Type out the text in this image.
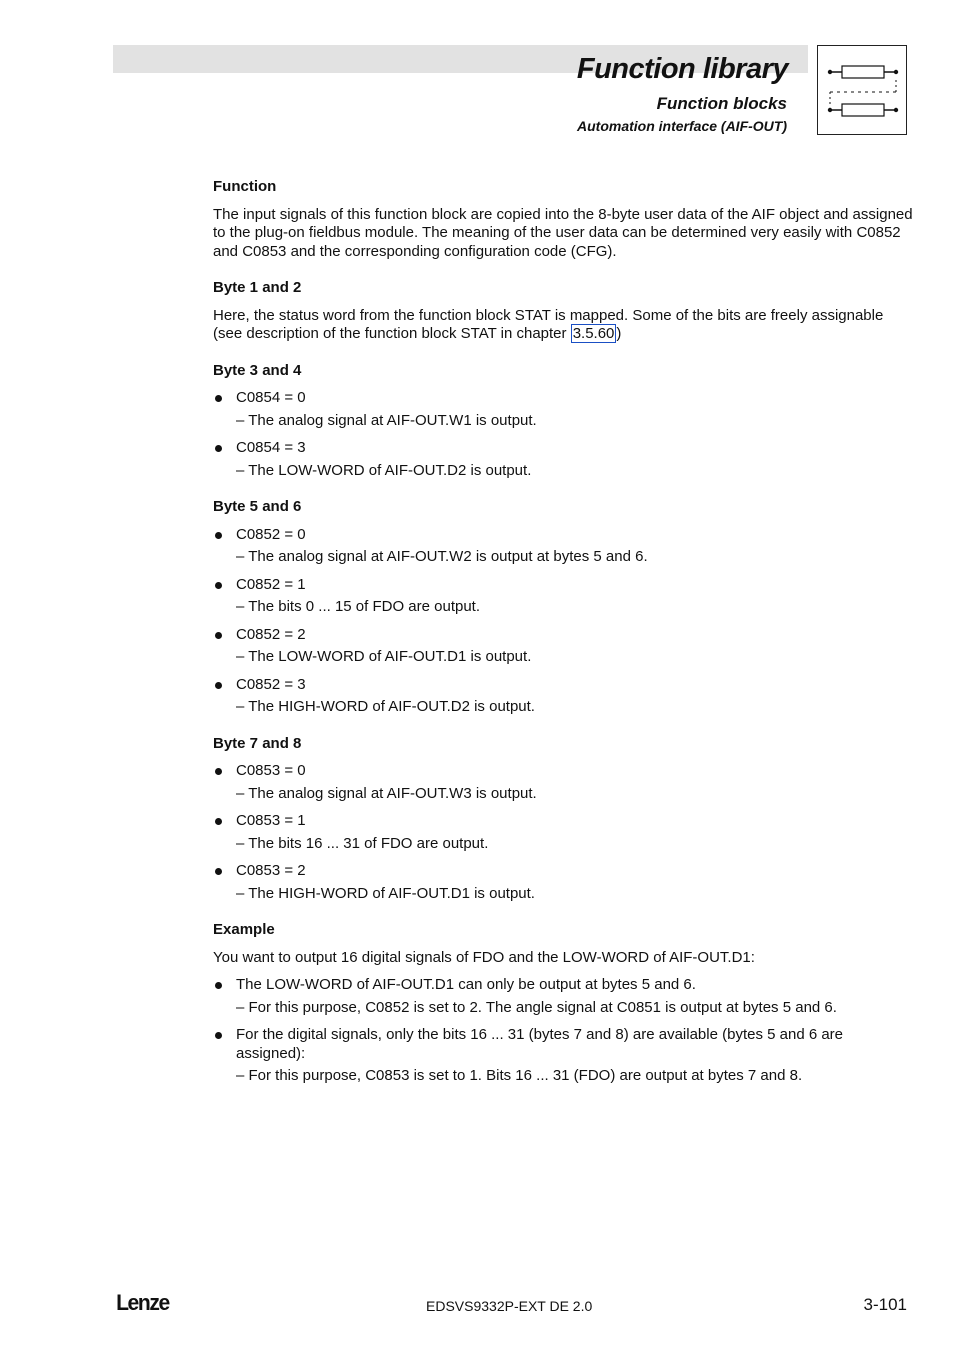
Function library
Function blocks
Automation interface (AIF-OUT)
Function

The input signals of this function block are copied into the 8-byte user data of the AIF object and assigned to the plug-on fieldbus module. The meaning of the user data can be determined very easily with C0852 and C0853 and the corresponding configuration code (CFG).

Byte 1 and 2

Here, the status word from the function block STAT is mapped. Some of the bits are freely assignable (see description of the function block STAT in chapter 3.5.60 )

Byte 3 and 4
C0854 = 0
– The analog signal at AIF-OUT.W1 is output.
C0854 = 3
– The LOW-WORD of AIF-OUT.D2 is output.
Byte 5 and 6
C0852 = 0
– The analog signal at AIF-OUT.W2 is output at bytes 5 and 6.
C0852 = 1
– The bits 0 ... 15 of FDO are output.
C0852 = 2
– The LOW-WORD of AIF-OUT.D1 is output.
C0852 = 3
– The HIGH-WORD of AIF-OUT.D2 is output.
Byte 7 and 8
C0853 = 0
– The analog signal at AIF-OUT.W3 is output.
C0853 = 1
– The bits 16 ... 31 of FDO are output.
C0853 = 2
– The HIGH-WORD of AIF-OUT.D1 is output.
Example

You want to output 16 digital signals of FDO and the LOW-WORD of AIF-OUT.D1:

The LOW-WORD of AIF-OUT.D1 can only be output at bytes 5 and 6.
– For this purpose, C0852 is set to 2. The angle signal at C0851 is output at bytes 5 and 6.
For the digital signals, only the bits 16 ... 31 (bytes 7 and 8) are available (bytes 5 and 6 are assigned):
– For this purpose, C0853 is set to 1. Bits 16 ... 31 (FDO) are output at bytes 7 and 8.
Lenze	EDSVS9332P-EXT DE 2.0	3-101
